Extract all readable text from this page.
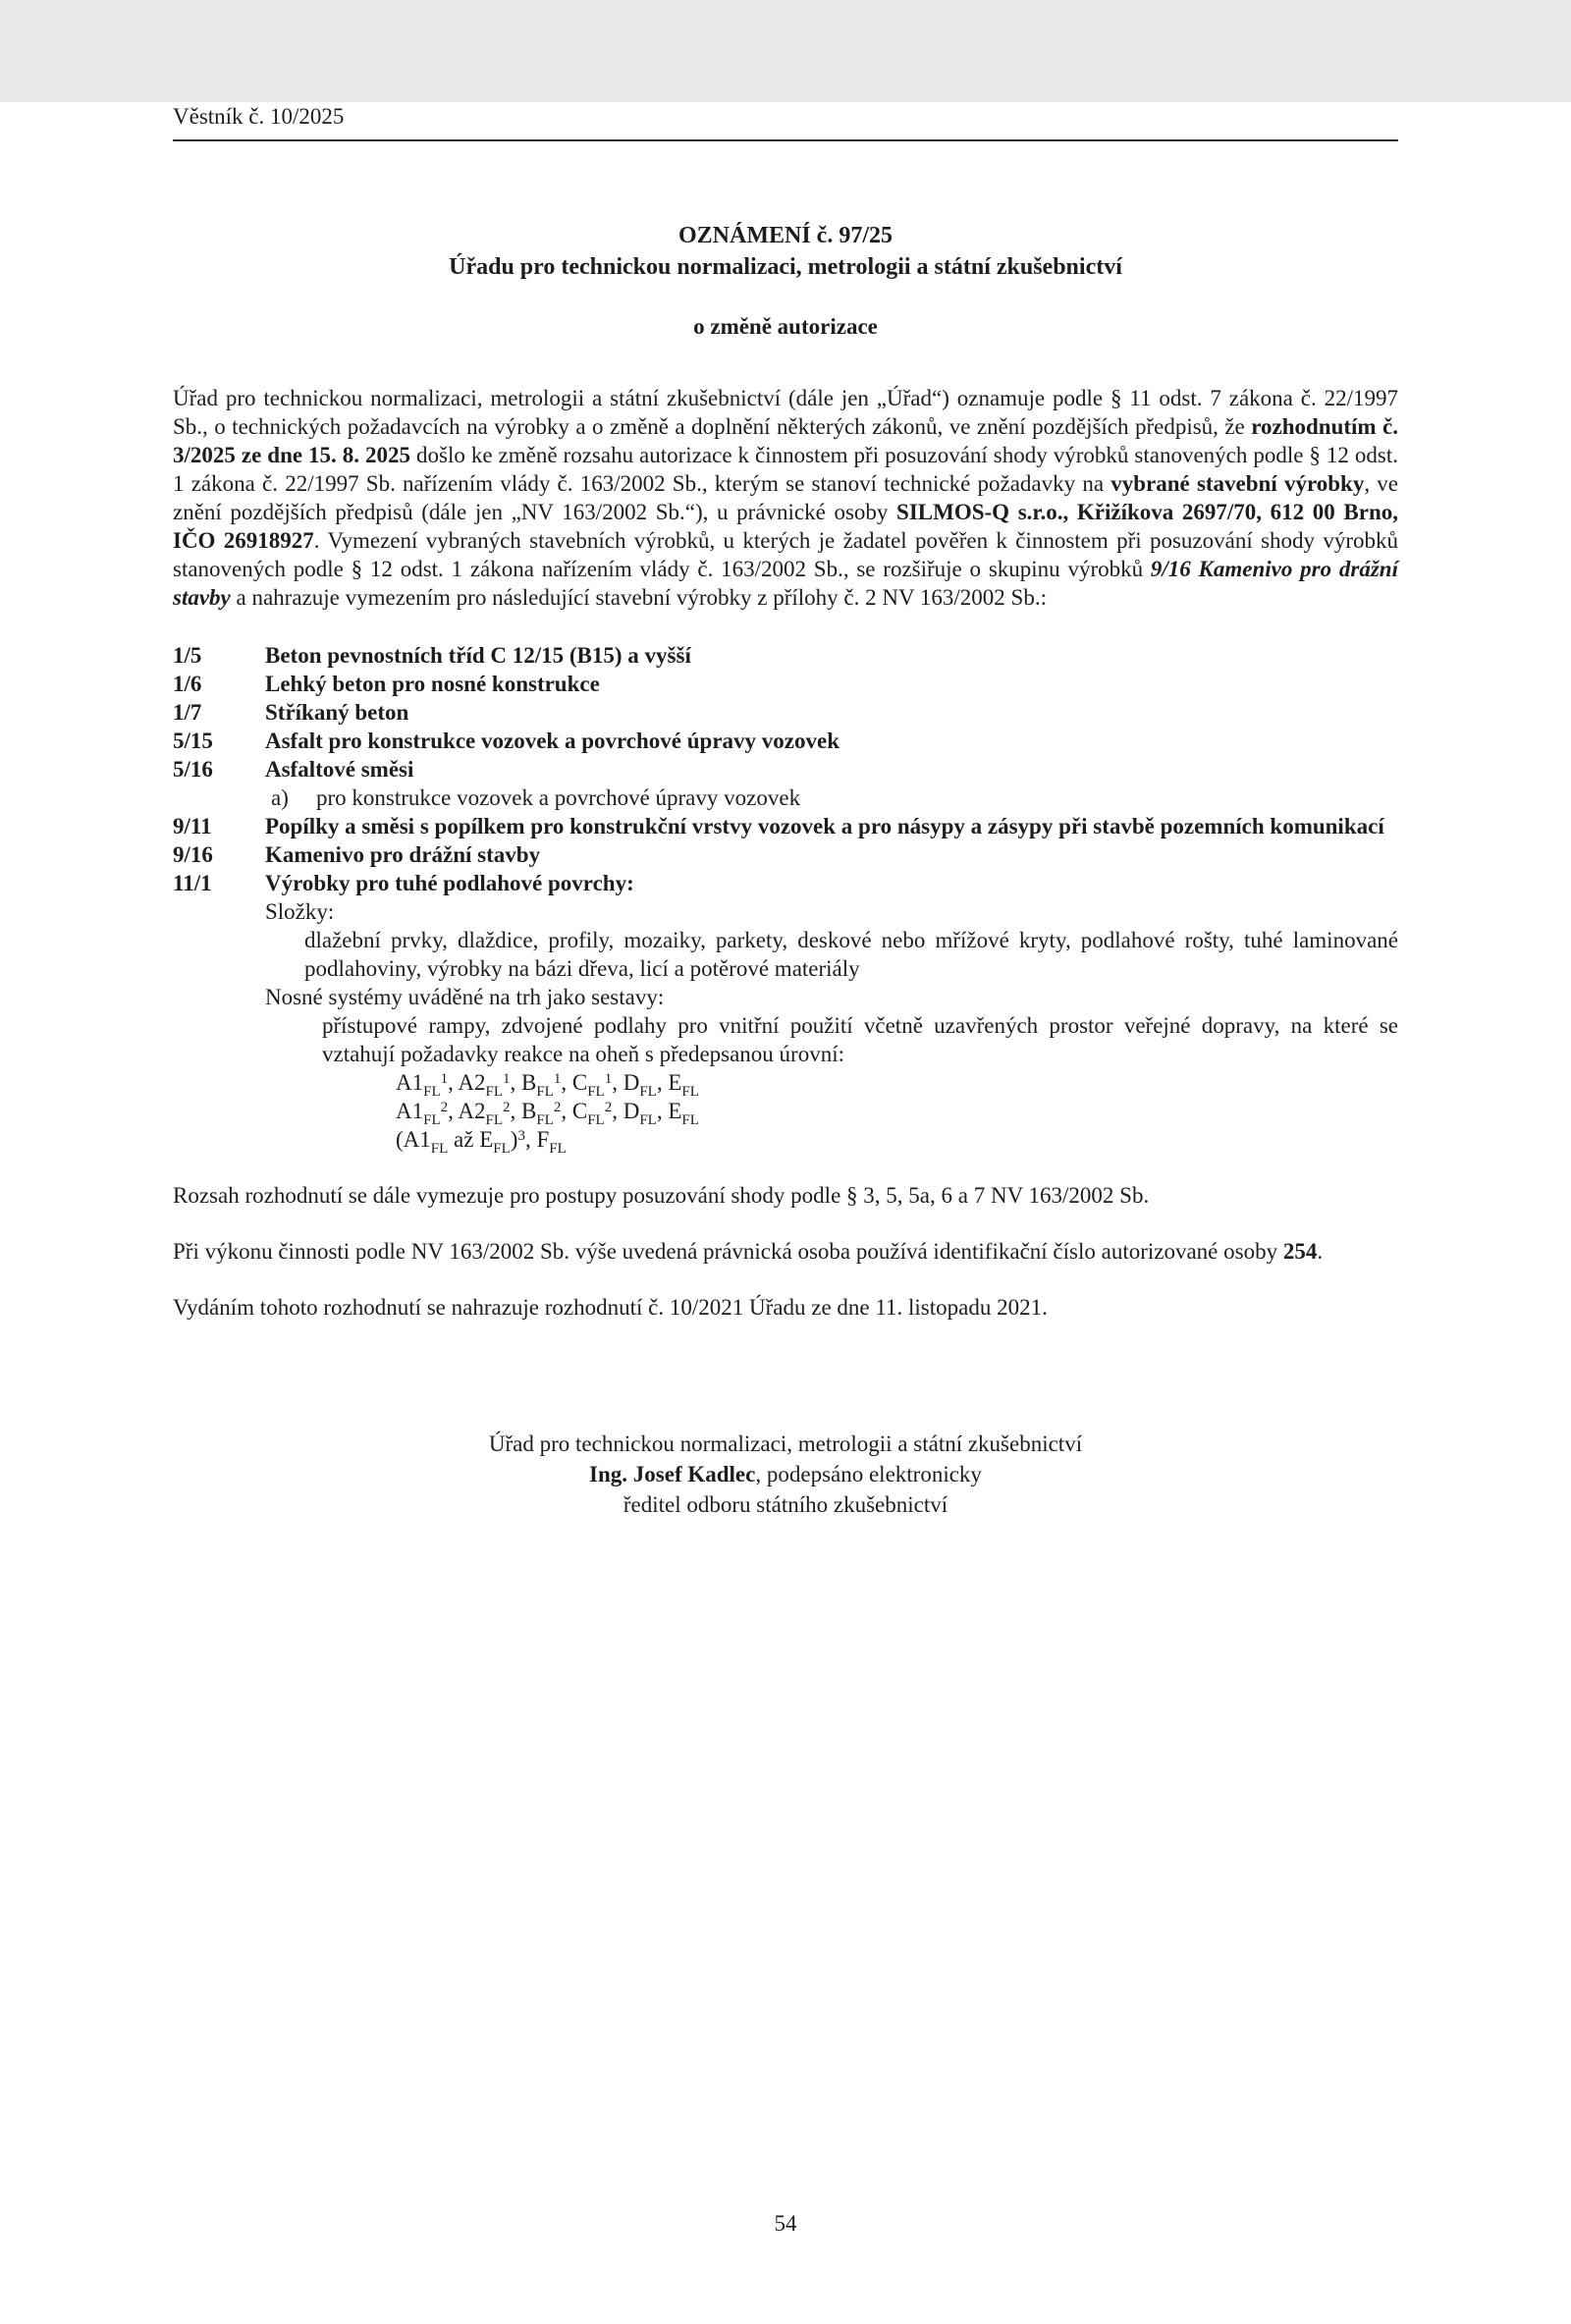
Věstník č. 10/2025
OZNÁMENÍ č. 97/25
Úřadu pro technickou normalizaci, metrologii a státní zkušebnictví
o změně autorizace

Úřad pro technickou normalizaci, metrologii a státní zkušebnictví (dále jen „Úřad“) oznamuje podle § 11 odst. 7 zákona č. 22/1997 Sb., o technických požadavcích na výrobky a o změně a doplnění některých zákonů, ve znění pozdějších předpisů, že rozhodnutím č. 3/2025 ze dne 15. 8. 2025 došlo ke změně rozsahu autorizace k činnostem při posuzování shody výrobků stanovených podle § 12 odst. 1 zákona č. 22/1997 Sb. nařízením vlády č. 163/2002 Sb., kterým se stanoví technické požadavky na vybrané stavební výrobky, ve znění pozdějších předpisů (dále jen „NV 163/2002 Sb.“), u právnické osoby SILMOS-Q s.r.o., Křižíkova 2697/70, 612 00 Brno, IČO 26918927. Vymezení vybraných stavebních výrobků, u kterých je žadatel pověřen k činnostem při posuzování shody výrobků stanovených podle § 12 odst. 1 zákona nařízením vlády č. 163/2002 Sb., se rozšiřuje o skupinu výrobků 9/16 Kamenivo pro drážní stavby a nahrazuje vymezením pro následující stavební výrobky z přílohy č. 2 NV 163/2002 Sb.:

1/5	Beton pevnostních tříd C 12/15 (B15) a vyšší
1/6	Lehký beton pro nosné konstrukce
1/7	Stříkaný beton
5/15	Asfalt pro konstrukce vozovek a povrchové úpravy vozovek
5/16	Asfaltové směsi
a)	pro konstrukce vozovek a povrchové úpravy vozovek
9/11	Popílky a směsi s popílkem pro konstrukční vrstvy vozovek a pro násypy a zásypy při stavbě pozemních komunikací
9/16	Kamenivo pro drážní stavby
11/1	Výrobky pro tuhé podlahové povrchy:
Složky:
dlažební prvky, dlaždice, profily, mozaiky, parkety, deskové nebo mřížové kryty, podlahové rošty, tuhé laminované podlahoviny, výrobky na bázi dřeva, licí a potěrové materiály
Nosné systémy uváděné na trh jako sestavy:
přístupové rampy, zdvojené podlahy pro vnitřní použití včetně uzavřených prostor veřejné dopravy, na které se vztahují požadavky reakce na oheň s předepsanou úrovní:
$A1_{FL}^1$, $A2_{FL}^1$, $B_{FL}^1$, $C_{FL}^1$, $D_{FL}$, $E_{FL}$
$A1_{FL}^2$, $A2_{FL}^2$, $B_{FL}^2$, $C_{FL}^2$, $D_{FL}$, $E_{FL}$
($A1_{FL}$ až $E_{FL})^3$, $F_{FL}$

Rozsah rozhodnutí se dále vymezuje pro postupy posuzování shody podle § 3, 5, 5a, 6 a 7 NV 163/2002 Sb.

Při výkonu činnosti podle NV 163/2002 Sb. výše uvedená právnická osoba používá identifikační číslo autorizované osoby 254.

Vydáním tohoto rozhodnutí se nahrazuje rozhodnutí č. 10/2021 Úřadu ze dne 11. listopadu 2021.

Úřad pro technickou normalizaci, metrologii a státní zkušebnictví
Ing. Josef Kadlec, podepsáno elektronicky
ředitel odboru státního zkušebnictví
54
